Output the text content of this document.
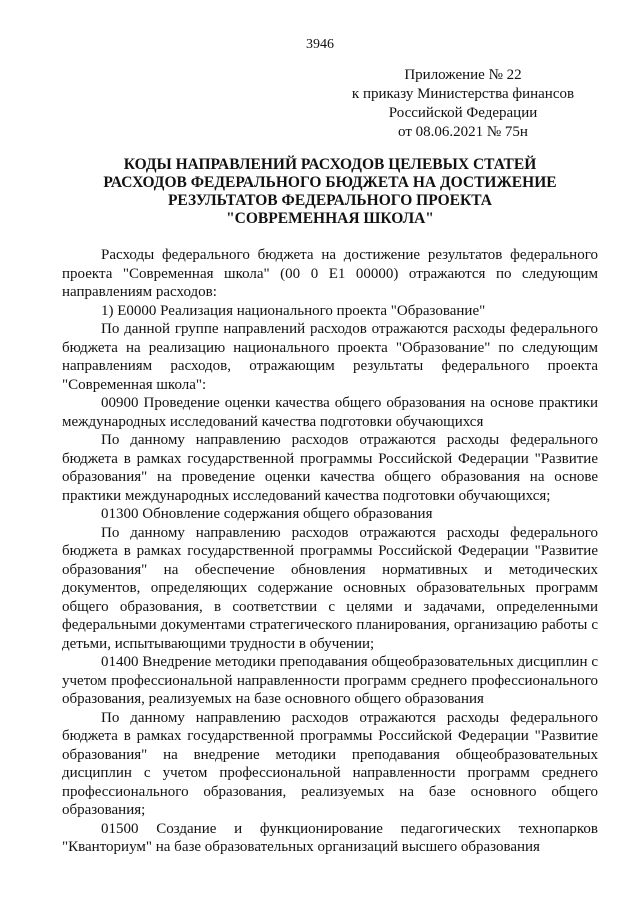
3946
Приложение № 22
к приказу Министерства финансов
Российской Федерации
от 08.06.2021 № 75н
КОДЫ НАПРАВЛЕНИЙ РАСХОДОВ ЦЕЛЕВЫХ СТАТЕЙ
РАСХОДОВ ФЕДЕРАЛЬНОГО БЮДЖЕТА НА ДОСТИЖЕНИЕ
РЕЗУЛЬТАТОВ ФЕДЕРАЛЬНОГО ПРОЕКТА
"СОВРЕМЕННАЯ ШКОЛА"

Расходы федерального бюджета на достижение результатов федерального проекта "Современная школа" (00 0 Е1 00000) отражаются по следующим направлениям расходов:

1) Е0000 Реализация национального проекта "Образование"

По данной группе направлений расходов отражаются расходы федерального бюджета на реализацию национального проекта "Образование" по следующим направлениям расходов, отражающим результаты федерального проекта "Современная школа":

00900 Проведение оценки качества общего образования на основе практики международных исследований качества подготовки обучающихся

По данному направлению расходов отражаются расходы федерального бюджета в рамках государственной программы Российской Федерации "Развитие образования" на проведение оценки качества общего образования на основе практики международных исследований качества подготовки обучающихся;

01300 Обновление содержания общего образования

По данному направлению расходов отражаются расходы федерального бюджета в рамках государственной программы Российской Федерации "Развитие образования" на обеспечение обновления нормативных и методических документов, определяющих содержание основных образовательных программ общего образования, в соответствии с целями и задачами, определенными федеральными документами стратегического планирования, организацию работы с детьми, испытывающими трудности в обучении;

01400 Внедрение методики преподавания общеобразовательных дисциплин с учетом профессиональной направленности программ среднего профессионального образования, реализуемых на базе основного общего образования

По данному направлению расходов отражаются расходы федерального бюджета в рамках государственной программы Российской Федерации "Развитие образования" на внедрение методики преподавания общеобразовательных дисциплин с учетом профессиональной направленности программ среднего профессионального образования, реализуемых на базе основного общего образования;

01500 Создание и функционирование педагогических технопарков "Кванториум" на базе образовательных организаций высшего образования
